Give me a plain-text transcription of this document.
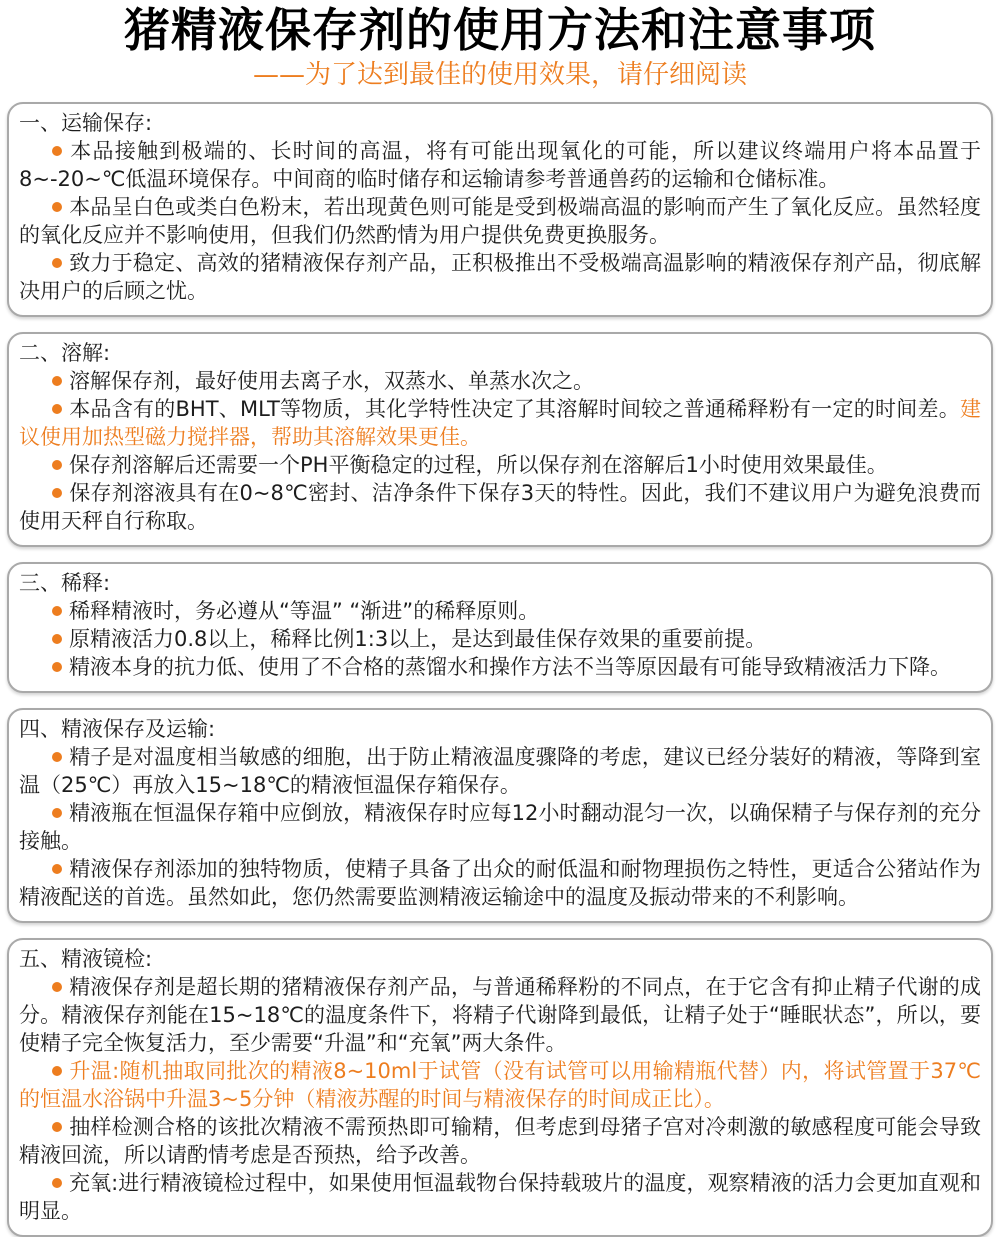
猪精液保存剂的使用方法和注意事项
——为了达到最佳的使用效果，请仔细阅读
一、运输保存:

本品接触到极端的、长时间的高温，将有可能出现氧化的可能，所以建议终端用户将本品置于8~-20~℃低温环境保存。中间商的临时储存和运输请参考普通兽药的运输和仓储标准。

本品呈白色或类白色粉末，若出现黄色则可能是受到极端高温的影响而产生了氧化反应。虽然轻度的氧化反应并不影响使用，但我们仍然酌情为用户提供免费更换服务。

致力于稳定、高效的猪精液保存剂产品，正积极推出不受极端高温影响的精液保存剂产品，彻底解决用户的后顾之忧。

二、溶解:

溶解保存剂，最好使用去离子水，双蒸水、单蒸水次之。

本品含有的BHT、MLT等物质，其化学特性决定了其溶解时间较之普通稀释粉有一定的时间差。建议使用加热型磁力搅拌器，帮助其溶解效果更佳。

保存剂溶解后还需要一个PH平衡稳定的过程，所以保存剂在溶解后1小时使用效果最佳。

保存剂溶液具有在0~8℃密封、洁净条件下保存3天的特性。因此，我们不建议用户为避免浪费而使用天秤自行称取。

三、稀释:

稀释精液时，务必遵从“等温” “渐进”的稀释原则。

原精液活力0.8以上，稀释比例1:3以上，是达到最佳保存效果的重要前提。

精液本身的抗力低、使用了不合格的蒸馏水和操作方法不当等原因最有可能导致精液活力下降。

四、精液保存及运输:

精子是对温度相当敏感的细胞，出于防止精液温度骤降的考虑，建议已经分装好的精液，等降到室温（25℃）再放入15~18℃的精液恒温保存箱保存。

精液瓶在恒温保存箱中应倒放，精液保存时应每12小时翻动混匀一次，以确保精子与保存剂的充分接触。

精液保存剂添加的独特物质，使精子具备了出众的耐低温和耐物理损伤之特性，更适合公猪站作为精液配送的首选。虽然如此，您仍然需要监测精液运输途中的温度及振动带来的不利影响。

五、精液镜检:

精液保存剂是超长期的猪精液保存剂产品，与普通稀释粉的不同点，在于它含有抑止精子代谢的成分。精液保存剂能在15~18℃的温度条件下，将精子代谢降到最低，让精子处于“睡眠状态”，所以，要使精子完全恢复活力，至少需要“升温”和“充氧”两大条件。

升温:随机抽取同批次的精液8~10ml于试管（没有试管可以用输精瓶代替）内，将试管置于37℃的恒温水浴锅中升温3~5分钟（精液苏醒的时间与精液保存的时间成正比）。

抽样检测合格的该批次精液不需预热即可输精，但考虑到母猪子宫对冷刺激的敏感程度可能会导致精液回流，所以请酌情考虑是否预热，给予改善。

充氧:进行精液镜检过程中，如果使用恒温载物台保持载玻片的温度，观察精液的活力会更加直观和明显。
